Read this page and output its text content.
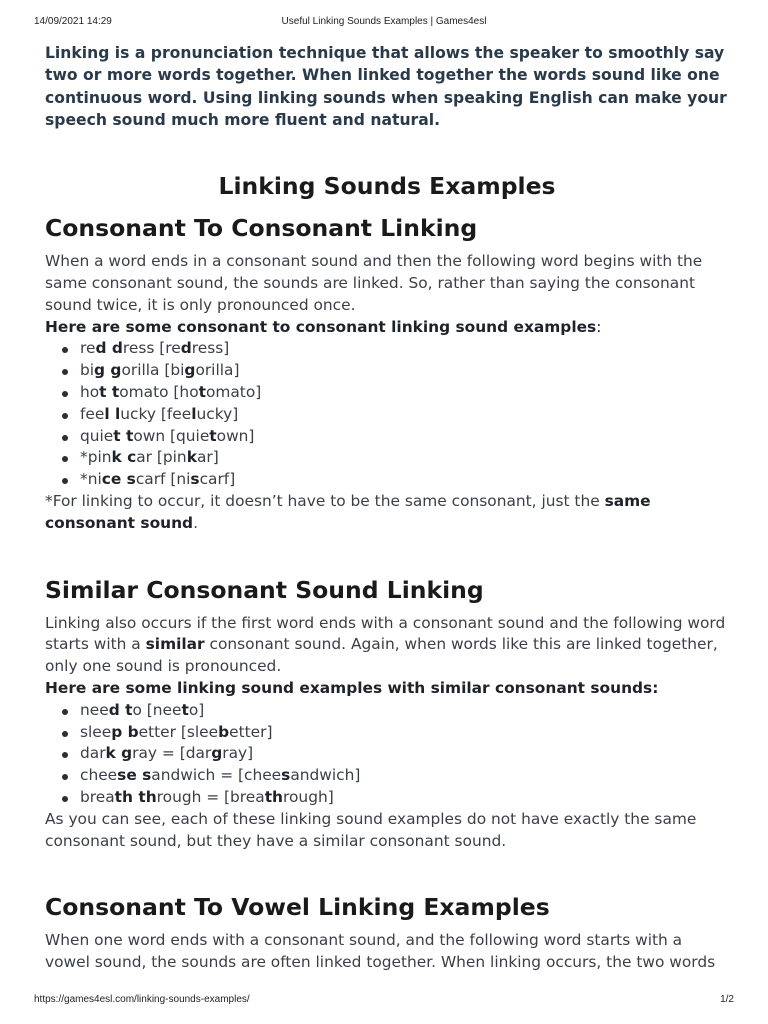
14/09/2021 14:29	Useful Linking Sounds Examples | Games4esl

Linking is a pronunciation technique that allows the speaker to smoothly say two or more words together. When linked together the words sound like one continuous word. Using linking sounds when speaking English can make your speech sound much more fluent and natural.

Linking Sounds Examples
Consonant To Consonant Linking

When a word ends in a consonant sound and then the following word begins with the same consonant sound, the sounds are linked. So, rather than saying the consonant sound twice, it is only pronounced once.

Here are some consonant to consonant linking sound examples:

red dress [redress]
big gorilla [bigorilla]
hot tomato [hotomato]
feel lucky [feelucky]
quiet town [quietown]
*pink car [pinkar]
*nice scarf [niscarf]

*For linking to occur, it doesn’t have to be the same consonant, just the same consonant sound.

Similar Consonant Sound Linking

Linking also occurs if the first word ends with a consonant sound and the following word starts with a similar consonant sound. Again, when words like this are linked together, only one sound is pronounced.

Here are some linking sound examples with similar consonant sounds:

need to [neeto]
sleep better [sleebetter]
dark gray = [dargray]
cheese sandwich = [cheesandwich]
breath through = [breathrough]

As you can see, each of these linking sound examples do not have exactly the same consonant sound, but they have a similar consonant sound.

Consonant To Vowel Linking Examples

When one word ends with a consonant sound, and the following word starts with a vowel sound, the sounds are often linked together. When linking occurs, the two words

https://games4esl.com/linking-sounds-examples/	1/2
